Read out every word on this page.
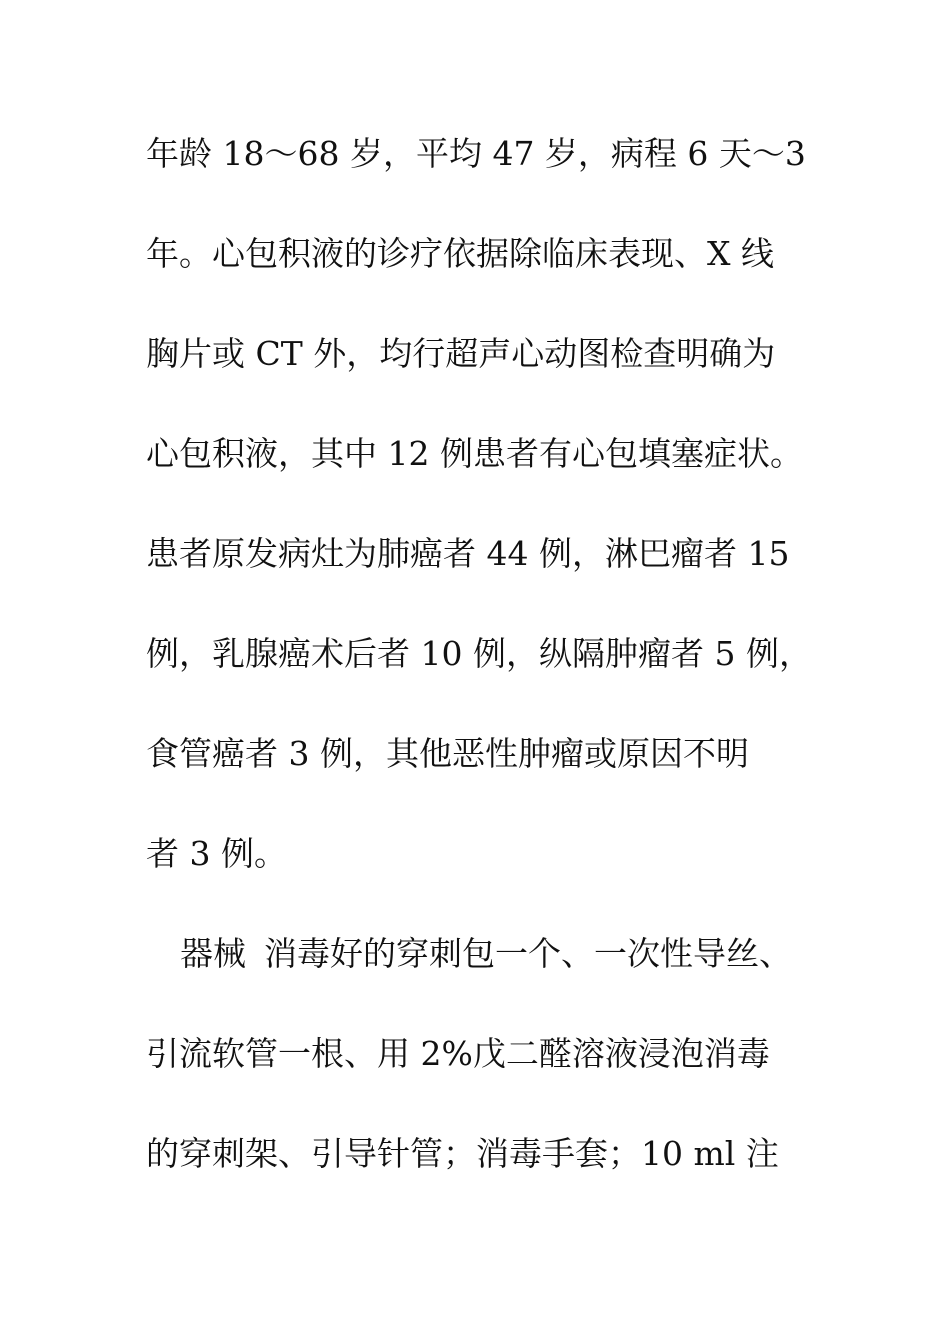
年龄 18～68 岁，平均 47 岁，病程 6 天～3

年。心包积液的诊疗依据除临床表现、X 线

胸片或 CT 外，均行超声心动图检查明确为

心包积液，其中 12 例患者有心包填塞症状。

患者原发病灶为肺癌者 44 例，淋巴瘤者 15

例，乳腺癌术后者 10 例，纵隔肿瘤者 5 例，

食管癌者 3 例，其他恶性肿瘤或原因不明

者 3 例。

器械 消毒好的穿刺包一个、一次性导丝、

引流软管一根、用 2%戊二醛溶液浸泡消毒

的穿刺架、引导针管；消毒手套；10 ml 注
